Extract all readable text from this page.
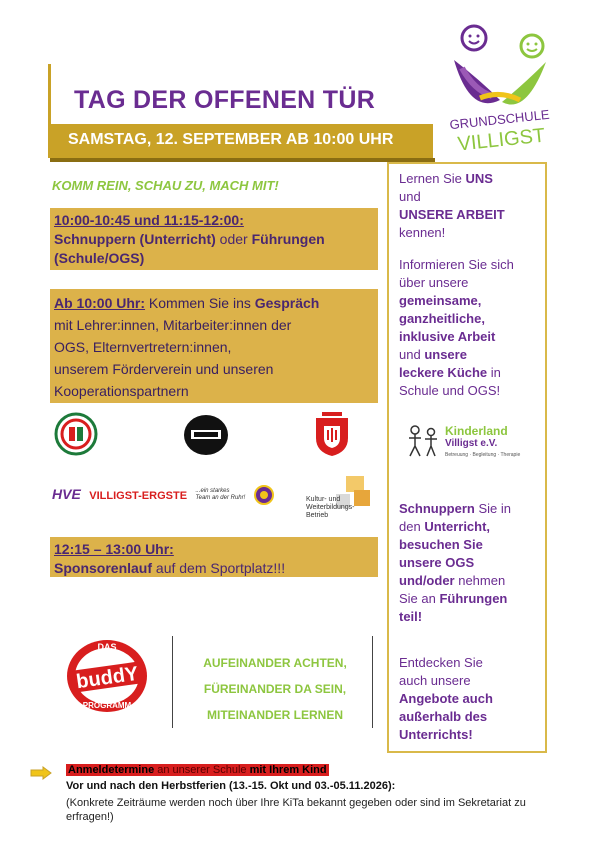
GRUNDSCHULE
VILLIGST
TAG DER OFFENEN TÜR
SAMSTAG, 12. SEPTEMBER AB 10:00 UHR
KOMM REIN, SCHAU ZU, MACH MIT!
10:00-10:45 und 11:15-12:00:
Schnuppern (Unterricht) oder Führungen
(Schule/OGS)
Ab 10:00 Uhr: Kommen Sie ins Gespräch
mit Lehrer:innen, Mitarbeiter:innen der
OGS, Elternvertretern:innen,
unserem Förderverein und unseren
Kooperationspartnern
HVE VILLIGST-ERGSTE ...ein starkes Team an der Ruhr!	Kultur- und Weiterbildungs-Betrieb
12:15 – 13:00 Uhr:
Sponsorenlauf auf dem Sportplatz!!!
DAS
buddY
PROGRAMM
AUFEINANDER ACHTEN,
FÜREINANDER DA SEIN,
MITEINANDER LERNEN
Lernen Sie UNS
und
UNSERE ARBEIT
kennen!
Informieren Sie sich
über unsere
gemeinsame,
ganzheitliche,
inklusive Arbeit
und unsere
leckere Küche in
Schule und OGS!
Kinderland
Villigst e.V.
Betreuung · Begleitung · Therapie
Schnuppern Sie in
den Unterricht,
besuchen Sie
unsere OGS
und/oder nehmen
Sie an Führungen
teil!
Entdecken Sie
auch unsere
Angebote auch
außerhalb des
Unterrichts!
Anmeldetermine an unserer Schule mit Ihrem Kind
Vor und nach den Herbstferien (13.-15. Okt und 03.-05.11.2026):
(Konkrete Zeiträume werden noch über Ihre KiTa bekannt gegeben oder sind im Sekretariat zu erfragen!)
